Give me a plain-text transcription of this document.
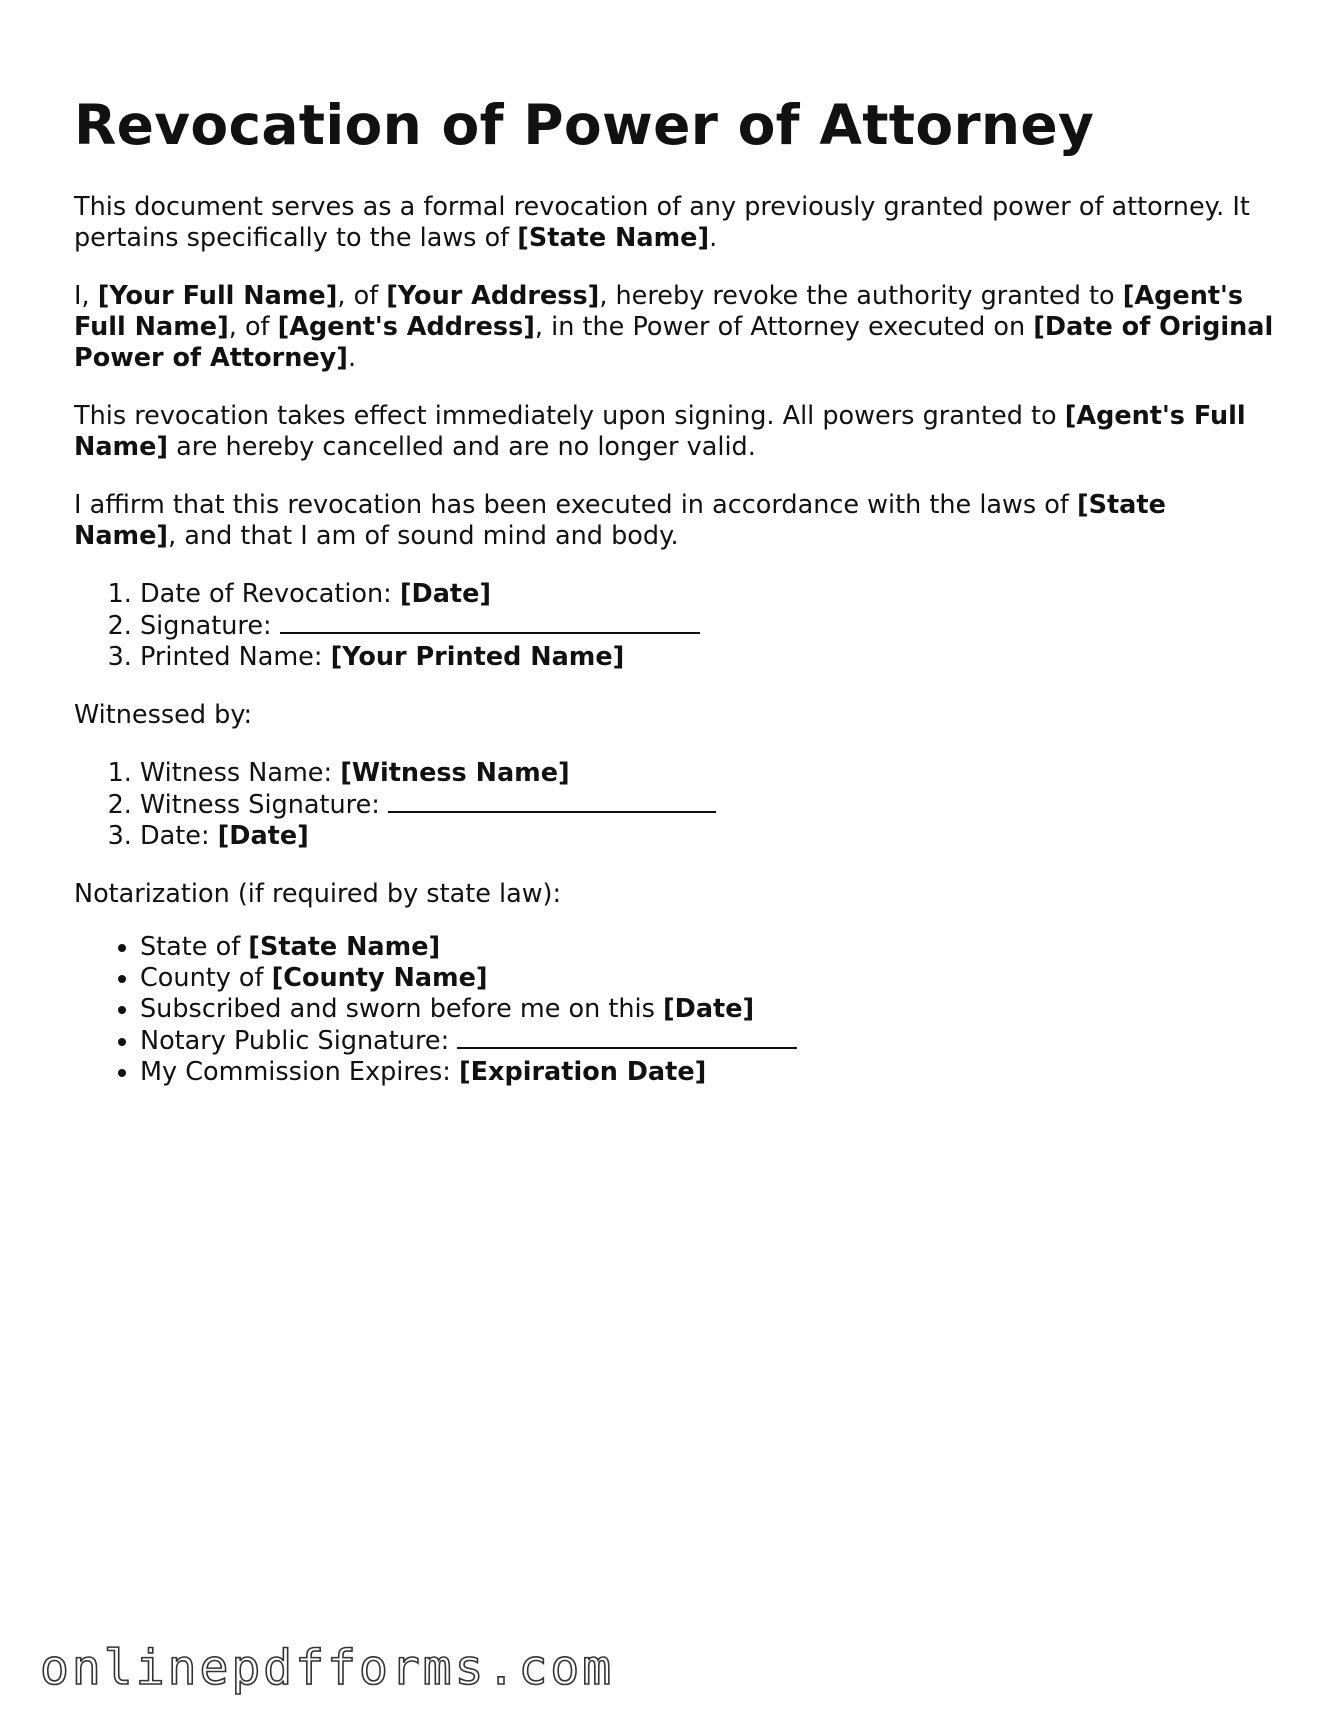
Revocation of Power of Attorney

This document serves as a formal revocation of any previously granted power of attorney. It pertains specifically to the laws of [State Name].

I, [Your Full Name], of [Your Address], hereby revoke the authority granted to [Agent's Full Name], of [Agent's Address], in the Power of Attorney executed on [Date of Original Power of Attorney].

This revocation takes effect immediately upon signing. All powers granted to [Agent's Full Name] are hereby cancelled and are no longer valid.

I affirm that this revocation has been executed in accordance with the laws of [State Name], and that I am of sound mind and body.

1. Date of Revocation: [Date]
2. Signature:
3. Printed Name: [Your Printed Name]

Witnessed by:

1. Witness Name: [Witness Name]
2. Witness Signature:
3. Date: [Date]

Notarization (if required by state law):

• State of [State Name]
• County of [County Name]
• Subscribed and sworn before me on this [Date]
• Notary Public Signature:
• My Commission Expires: [Expiration Date]
onlinepdfforms.com
